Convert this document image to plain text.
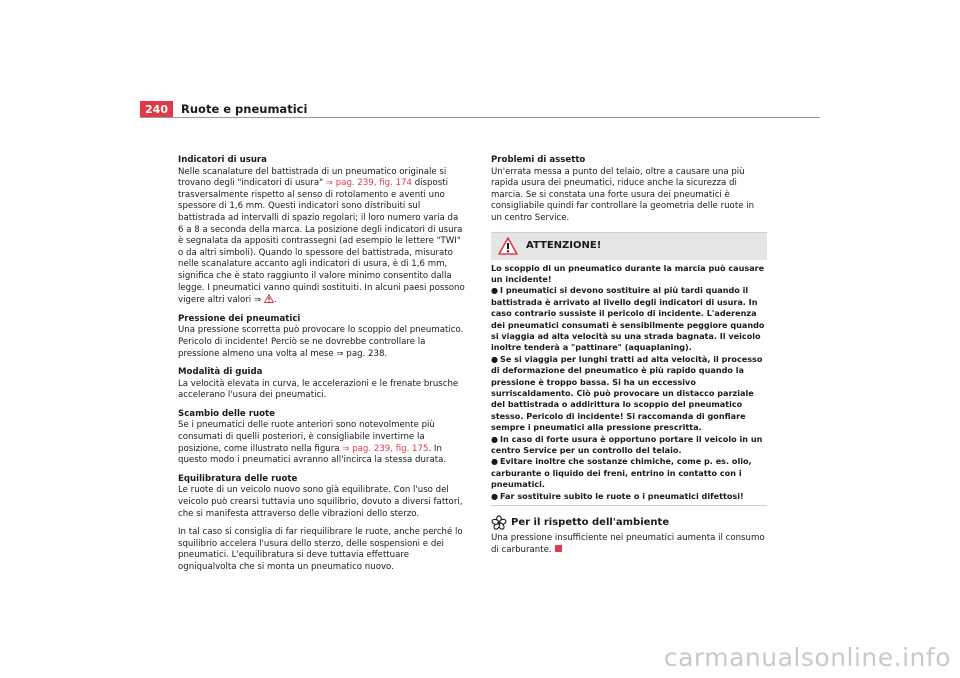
240	Ruote e pneumatici

Indicatori di usura

Nelle scanalature del battistrada di un pneumatico originale si trovano degli "indicatori di usura" ⇒ pag. 239, fig. 174 disposti trasversalmente rispetto al senso di rotolamento e aventi uno spessore di 1,6 mm. Questi indicatori sono distribuiti sul battistrada ad intervalli di spazio regolari; il loro numero varia da 6 a 8 a seconda della marca. La posizione degli indicatori di usura è segnalata da appositi contrassegni (ad esempio le lettere "TWI" o da altri simboli). Quando lo spessore del battistrada, misurato nelle scanalature accanto agli indicatori di usura, è di 1,6 mm, significa che è stato raggiunto il valore minimo consentito dalla legge. I pneumatici vanno quindi sostituiti. In alcuni paesi possono vigere altri valori ⇒ .

Pressione dei pneumatici

Una pressione scorretta può provocare lo scoppio del pneumatico. Pericolo di incidente! Perciò se ne dovrebbe controllare la pressione almeno una volta al mese ⇒ pag. 238.

Modalità di guida

La velocità elevata in curva, le accelerazioni e le frenate brusche accelerano l'usura dei pneumatici.

Scambio delle ruote

Se i pneumatici delle ruote anteriori sono notevolmente più consumati di quelli posteriori, è consigliabile invertirne la posizione, come illustrato nella figura ⇒ pag. 239, fig. 175. In questo modo i pneumatici avranno all'incirca la stessa durata.

Equilibratura delle ruote

Le ruote di un veicolo nuovo sono già equilibrate. Con l'uso del veicolo può crearsi tuttavia uno squilibrio, dovuto a diversi fattori, che si manifesta attraverso delle vibrazioni dello sterzo.

In tal caso si consiglia di far riequilibrare le ruote, anche perché lo squilibrio accelera l'usura dello sterzo, delle sospensioni e dei pneumatici. L'equilibratura si deve tuttavia effettuare ogniqualvolta che si monta un pneumatico nuovo.

Problemi di assetto

Un'errata messa a punto del telaio, oltre a causare una più rapida usura dei pneumatici, riduce anche la sicurezza di marcia. Se si constata una forte usura dei pneumatici è consigliabile quindi far controllare la geometria delle ruote in un centro Service.

ATTENZIONE!

Lo scoppio di un pneumatico durante la marcia può causare un incidente!

● I pneumatici si devono sostituire al più tardi quando il battistrada è arrivato al livello degli indicatori di usura. In caso contrario sussiste il pericolo di incidente. L'aderenza dei pneumatici consumati è sensibilmente peggiore quando si viaggia ad alta velocità su una strada bagnata. Il veicolo inoltre tenderà a "pattinare" (aquaplaning).
● Se si viaggia per lunghi tratti ad alta velocità, il processo di deformazione del pneumatico è più rapido quando la pressione è troppo bassa. Si ha un eccessivo surriscaldamento. Ciò può provocare un distacco parziale del battistrada o addirittura lo scoppio del pneumatico stesso. Pericolo di incidente! Si raccomanda di gonfiare sempre i pneumatici alla pressione prescritta.
● In caso di forte usura è opportuno portare il veicolo in un centro Service per un controllo del telaio.
● Evitare inoltre che sostanze chimiche, come p. es. olio, carburante o liquido dei freni, entrino in contatto con i pneumatici.
● Far sostituire subito le ruote o i pneumatici difettosi!
Per il rispetto dell'ambiente

Una pressione insufficiente nei pneumatici aumenta il consumo di carburante.

carmanualsonline.info
